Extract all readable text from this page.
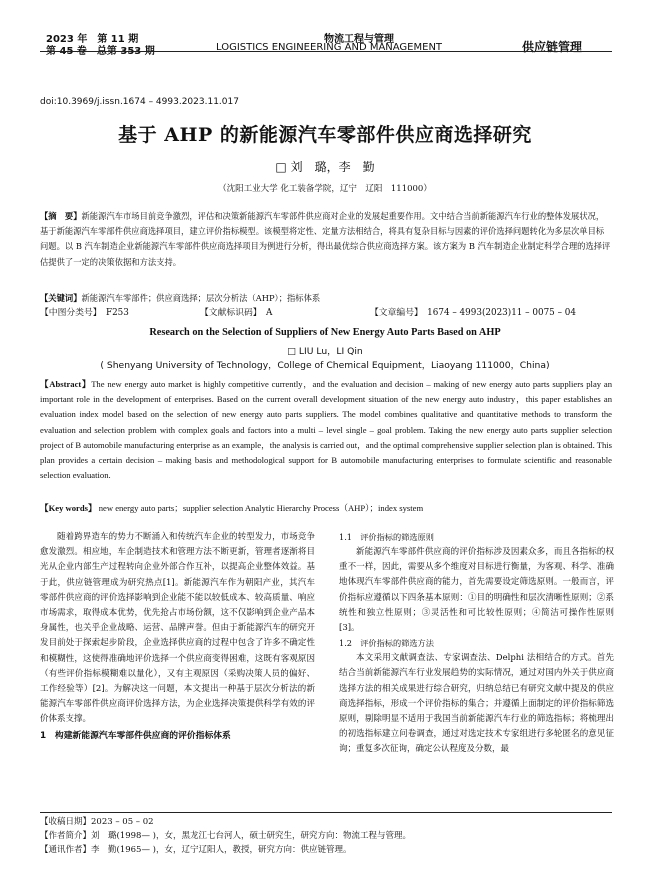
2023 年　第 11 期
第 45 卷　总第 353 期
物流工程与管理
LOGISTICS ENGINEERING AND MANAGEMENT	供应链管理
doi:10.3969/j.issn.1674 – 4993.2023.11.017
基于 AHP 的新能源汽车零部件供应商选择研究
□ 刘　璐，李　勤
（沈阳工业大学 化工装备学院，辽宁　辽阳　111000）
【摘　要】新能源汽车市场目前竞争激烈，评估和决策新能源汽车零部件供应商对企业的发展起重要作用。文中结合当前新能源汽车行业的整体发展状况，基于新能源汽车零部件供应商选择项目，建立评价指标模型。该模型将定性、定量方法相结合，将具有复杂目标与因素的评价选择问题转化为多层次单目标问题。以 B 汽车制造企业新能源汽车零部件供应商选择项目为例进行分析，得出最优综合供应商选择方案。该方案为 B 汽车制造企业制定科学合理的选择评估提供了一定的决策依据和方法支持。
【关键词】新能源汽车零部件；供应商选择；层次分析法（AHP）；指标体系
【中图分类号】　F253	【文献标识码】　A	【文章编号】　1674 – 4993(2023)11 – 0075 – 04
Research on the Selection of Suppliers of New Energy Auto Parts Based on AHP
□ LIU Lu，LI Qin
( Shenyang University of Technology，College of Chemical Equipment，Liaoyang 111000，China)
【Abstract】The new energy auto market is highly competitive currently，and the evaluation and decision – making of new energy auto parts suppliers play an important role in the development of enterprises. Based on the current overall development situation of the new energy auto industry，this paper establishes an evaluation index model based on the selection of new energy auto parts suppliers. The model combines qualitative and quantitative methods to transform the evaluation and selection problem with complex goals and factors into a multi – level single – goal problem. Taking the new energy auto parts supplier selection project of B automobile manufacturing enterprise as an example，the analysis is carried out，and the optimal comprehensive supplier selection plan is obtained. This plan provides a certain decision – making basis and methodological support for B automobile manufacturing enterprises to formulate scientific and reasonable selection evaluation.
【Key words】 new energy auto parts；supplier selection Analytic Hierarchy Process（AHP）；index system

随着跨界造车的势力不断涌入和传统汽车企业的转型发力，市场竞争愈发激烈。相应地，车企制造技术和管理方法不断更新，管理者逐渐将目光从企业内部生产过程转向企业外部合作互补，以提高企业整体效益。基于此，供应链管理成为研究热点[1]。新能源汽车作为朝阳产业，其汽车零部件供应商的评价选择影响到企业能不能以较低成本、较高质量、响应市场需求，取得成本优势，优先抢占市场份额，这不仅影响到企业产品本身属性，也关乎企业战略、运营、品牌声誉。但由于新能源汽车的研究开发目前处于探索起步阶段，企业选择供应商的过程中包含了许多不确定性和模糊性，这使得准确地评价选择一个供应商变得困难，这既有客观原因（有些评价指标模糊难以量化），又有主观原因（采购决策人员的偏好、工作经验等）[2]。为解决这一问题，本文提出一种基于层次分析法的新能源汽车零部件供应商评价选择方法，为企业选择决策提供科学有效的评价体系支撑。

1　构建新能源汽车零部件供应商的评价指标体系
1.1　评价指标的筛选原则

新能源汽车零部件供应商的评价指标涉及因素众多，而且各指标的权重不一样，因此，需要从多个维度对目标进行衡量，为客观、科学、准确地体现汽车零部件供应商的能力，首先需要设定筛选原则。一般而言，评价指标应遵循以下四条基本原则：①目的明确性和层次清晰性原则；②系统性和独立性原则；③灵活性和可比较性原则；④简洁可操作性原则[3]。

1.2　评价指标的筛选方法

本文采用文献调查法、专家调查法、Delphi 法相结合的方式。首先结合当前新能源汽车行业发展趋势的实际情况，通过对国内外关于供应商选择方法的相关成果进行综合研究，归纳总结已有研究文献中提及的供应商选择指标，形成一个评价指标的集合；并遵循上面制定的评价指标筛选原则，剔除明显不适用于我国当前新能源汽车行业的筛选指标；将梳理出的初选指标建立问卷调查，通过对选定技术专家组进行多轮匿名的意见征询；重复多次征询，确定公认程度及分数，最

【收稿日期】2023 – 05 – 02
【作者简介】刘　璐(1998— )，女，黑龙江七台河人，硕士研究生，研究方向：物流工程与管理。
【通讯作者】李　勤(1965— )，女，辽宁辽阳人，教授，研究方向：供应链管理。
